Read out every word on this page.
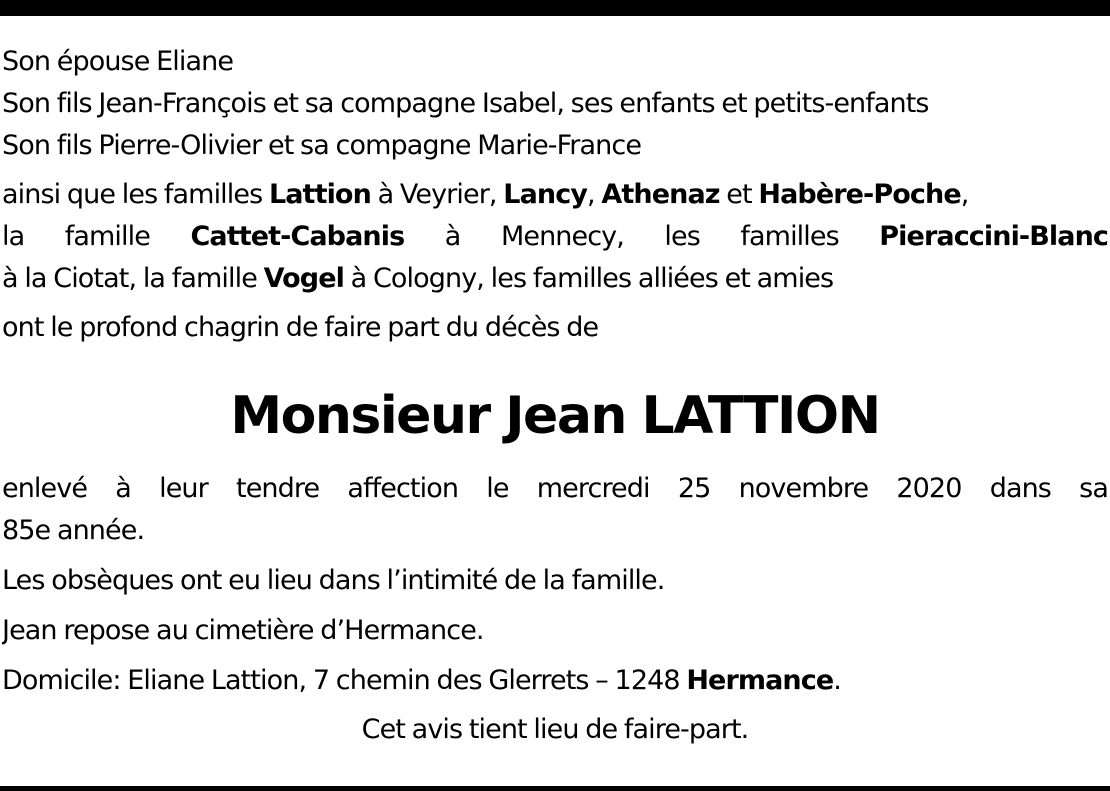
Son épouse Eliane
Son fils Jean-François et sa compagne Isabel, ses enfants et petits-enfants
Son fils Pierre-Olivier et sa compagne Marie-France
ainsi que les familles Lattion à Veyrier, Lancy, Athenaz et Habère-Poche,
la famille Cattet-Cabanis à Mennecy, les familles Pieraccini-Blanc
à la Ciotat, la famille Vogel à Cologny, les familles alliées et amies
ont le profond chagrin de faire part du décès de
Monsieur Jean LATTION
enlevé à leur tendre affection le mercredi 25 novembre 2020 dans sa
85e année.
Les obsèques ont eu lieu dans l’intimité de la famille.
Jean repose au cimetière d’Hermance.
Domicile: Eliane Lattion, 7 chemin des Glerrets – 1248 Hermance.
Cet avis tient lieu de faire-part.
